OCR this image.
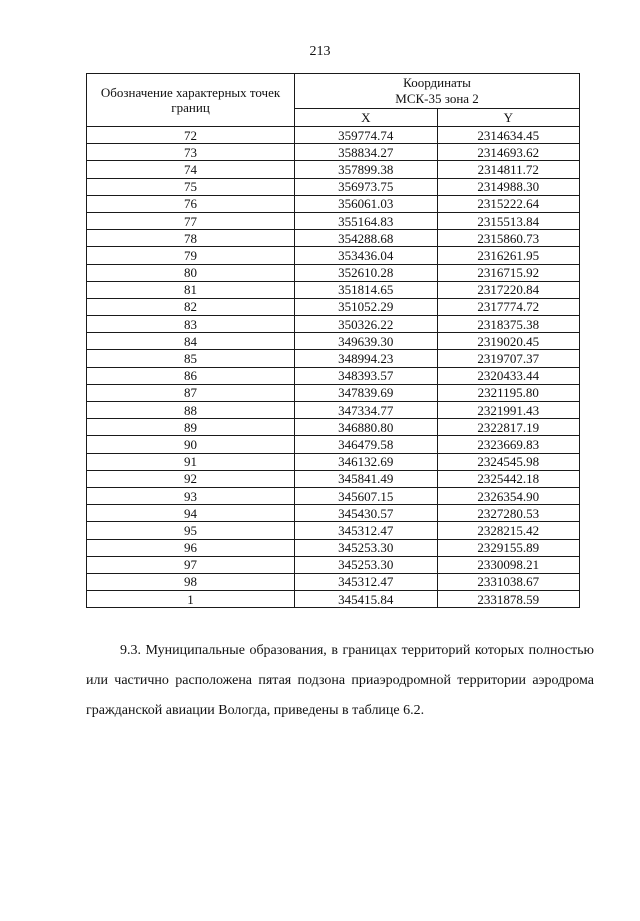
213
Обозначение характерных точек границ	Координаты
МСК-35 зона 2	
	X	Y
72	359774.74	2314634.45
73	358834.27	2314693.62
74	357899.38	2314811.72
75	356973.75	2314988.30
76	356061.03	2315222.64
77	355164.83	2315513.84
78	354288.68	2315860.73
79	353436.04	2316261.95
80	352610.28	2316715.92
81	351814.65	2317220.84
82	351052.29	2317774.72
83	350326.22	2318375.38
84	349639.30	2319020.45
85	348994.23	2319707.37
86	348393.57	2320433.44
87	347839.69	2321195.80
88	347334.77	2321991.43
89	346880.80	2322817.19
90	346479.58	2323669.83
91	346132.69	2324545.98
92	345841.49	2325442.18
93	345607.15	2326354.90
94	345430.57	2327280.53
95	345312.47	2328215.42
96	345253.30	2329155.89
97	345253.30	2330098.21
98	345312.47	2331038.67
1	345415.84	2331878.59
9.3. Муниципальные образования, в границах территорий которых полностью или частично расположена пятая подзона приаэродромной территории аэродрома гражданской авиации Вологда, приведены в таблице 6.2.
